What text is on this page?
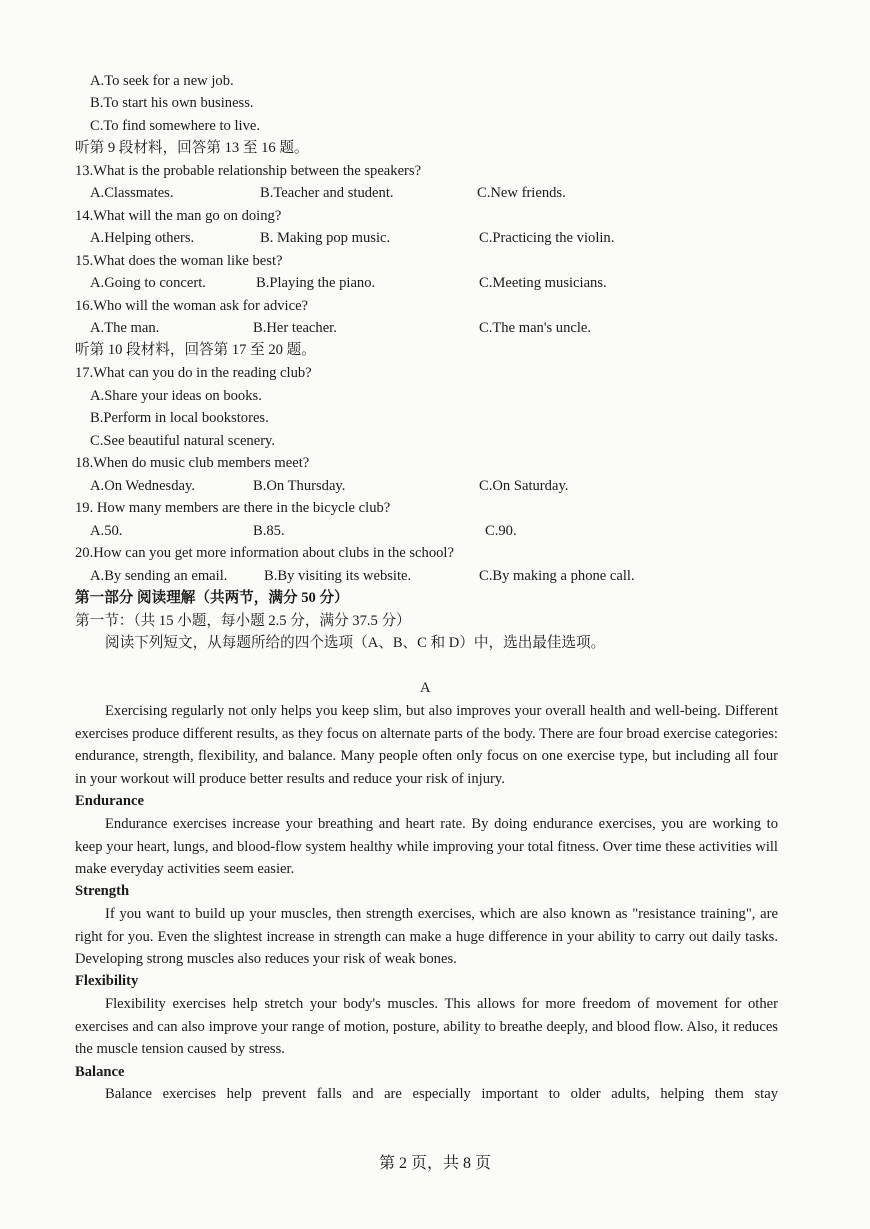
A.To seek for a new job.
B.To start his own business.
C.To find somewhere to live.
听第 9 段材料，回答第 13 至 16 题。
13.What is the probable relationship between the speakers?
A.Classmates.	B.Teacher and student.	C.New friends.
14.What will the man go on doing?
A.Helping others.	B. Making pop music.	C.Practicing the violin.
15.What does the woman like best?
A.Going to concert.	B.Playing the piano.	C.Meeting musicians.
16.Who will the woman ask for advice?
A.The man.	B.Her teacher.	C.The man's uncle.
听第 10 段材料，回答第 17 至 20 题。
17.What can you do in the reading club?
A.Share your ideas on books.
B.Perform in local bookstores.
C.See beautiful natural scenery.
18.When do music club members meet?
A.On Wednesday.	B.On Thursday.	C.On Saturday.
19. How many members are there in the bicycle club?
A.50.	B.85.	C.90.
20.How can you get more information about clubs in the school?
A.By sending an email.	B.By visiting its website.	C.By making a phone call.
第一部分 阅读理解（共两节，满分 50 分）
第一节：（共 15 小题，每小题 2.5 分，满分 37.5 分）
阅读下列短文，从每题所给的四个选项（A、B、C 和 D）中，选出最佳选项。
A

Exercising regularly not only helps you keep slim, but also improves your overall health and well-being. Different exercises produce different results, as they focus on alternate parts of the body. There are four broad exercise categories: endurance, strength, flexibility, and balance. Many people often only focus on one exercise type, but including all four in your workout will produce better results and reduce your risk of injury.

Endurance

Endurance exercises increase your breathing and heart rate. By doing endurance exercises, you are working to keep your heart, lungs, and blood-flow system healthy while improving your total fitness. Over time these activities will make everyday activities seem easier.

Strength

If you want to build up your muscles, then strength exercises, which are also known as "resistance training", are right for you. Even the slightest increase in strength can make a huge difference in your ability to carry out daily tasks. Developing strong muscles also reduces your risk of weak bones.

Flexibility

Flexibility exercises help stretch your body's muscles. This allows for more freedom of movement for other exercises and can also improve your range of motion, posture, ability to breathe deeply, and blood flow. Also, it reduces the muscle tension caused by stress.

Balance
Balance exercises help prevent falls and are especially important to older adults, helping them stay
第 2 页，共 8 页
